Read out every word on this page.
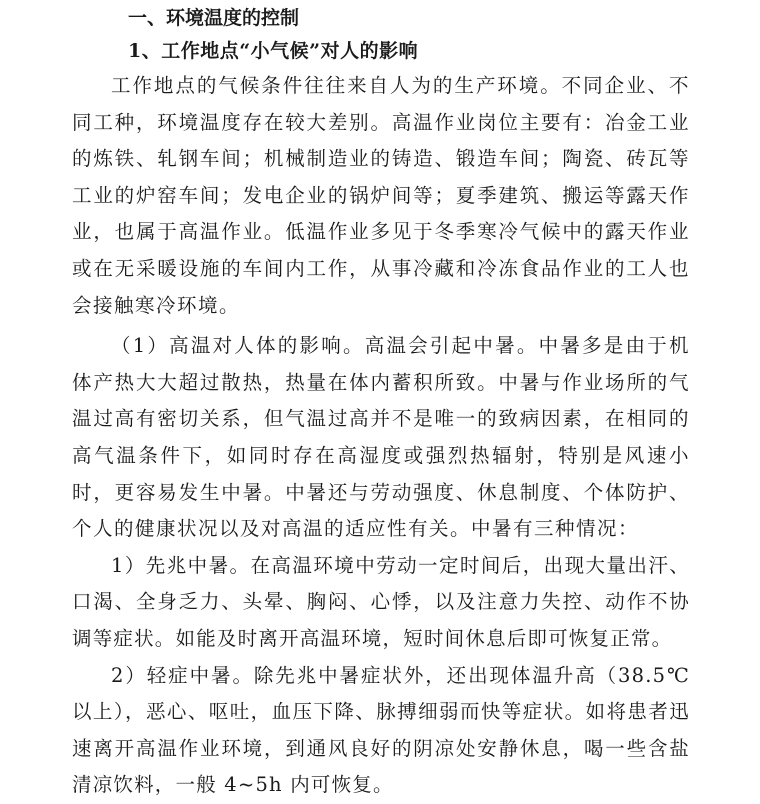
一、环境温度的控制
1、工作地点“小气候”对人的影响

工作地点的气候条件往往来自人为的生产环境。不同企业、不同工种，环境温度存在较大差别。高温作业岗位主要有：冶金工业的炼铁、轧钢车间；机械制造业的铸造、锻造车间；陶瓷、砖瓦等工业的炉窑车间；发电企业的锅炉间等；夏季建筑、搬运等露天作业，也属于高温作业。低温作业多见于冬季寒冷气候中的露天作业或在无采暖设施的车间内工作，从事冷藏和冷冻食品作业的工人也会接触寒冷环境。

（1）高温对人体的影响。高温会引起中暑。中暑多是由于机体产热大大超过散热，热量在体内蓄积所致。中暑与作业场所的气温过高有密切关系，但气温过高并不是唯一的致病因素，在相同的高气温条件下，如同时存在高湿度或强烈热辐射，特别是风速小时，更容易发生中暑。中暑还与劳动强度、休息制度、个体防护、个人的健康状况以及对高温的适应性有关。中暑有三种情况：

1）先兆中暑。在高温环境中劳动一定时间后，出现大量出汗、口渴、全身乏力、头晕、胸闷、心悸，以及注意力失控、动作不协调等症状。如能及时离开高温环境，短时间休息后即可恢复正常。

2）轻症中暑。除先兆中暑症状外，还出现体温升高（38.5℃以上），恶心、呕吐，血压下降、脉搏细弱而快等症状。如将患者迅速离开高温作业环境，到通风良好的阴凉处安静休息，喝一些含盐清凉饮料，一般 4~5h 内可恢复。
